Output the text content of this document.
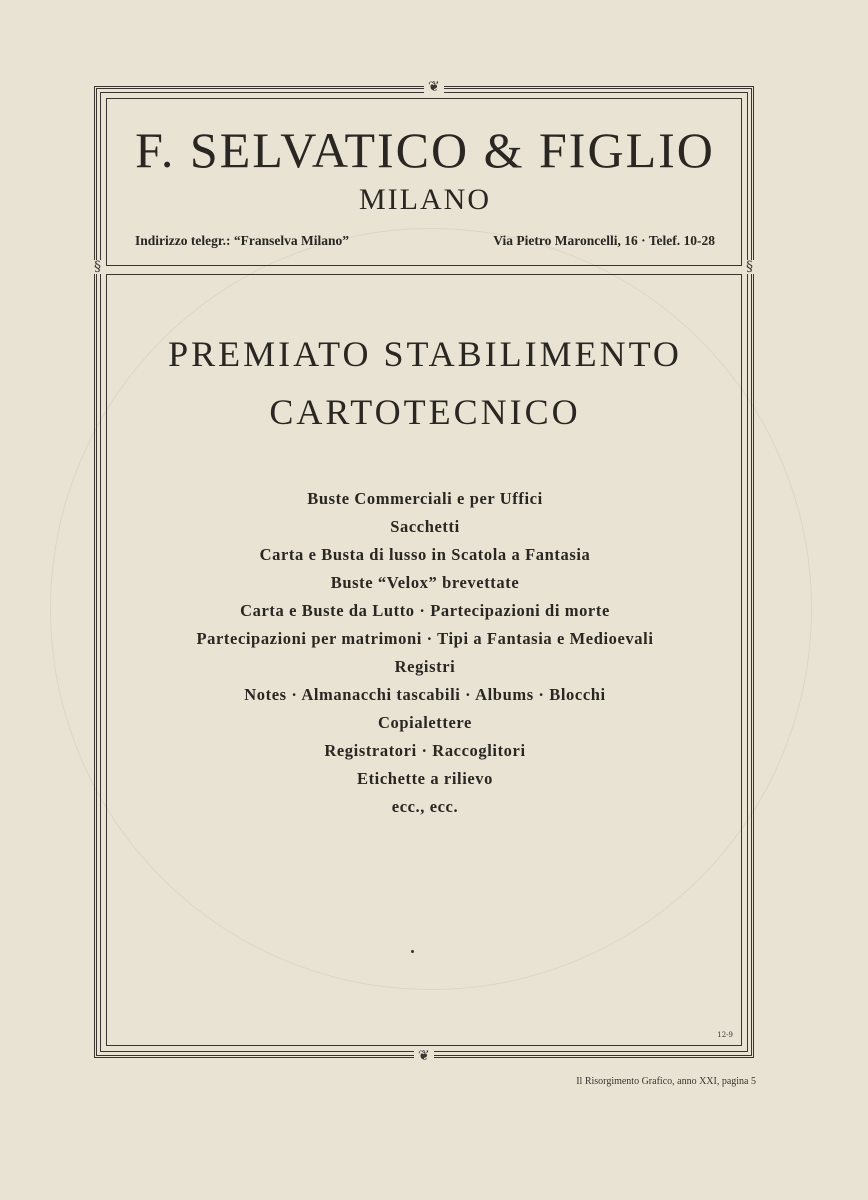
❦
❦
§	§
F. SELVATICO & FIGLIO
MILANO
Indirizzo telegr.: “Franselva Milano”	Via Pietro Maroncelli, 16 · Telef. 10-28
PREMIATO STABILIMENTO
CARTOTECNICO
Buste Commerciali e per Uffici
Sacchetti
Carta e Busta di lusso in Scatola a Fantasia
Buste “Velox” brevettate
Carta e Buste da Lutto · Partecipazioni di morte
Partecipazioni per matrimoni · Tipi a Fantasia e Medioevali
Registri
Notes · Almanacchi tascabili · Albums · Blocchi
Copialettere
Registratori · Raccoglitori
Etichette a rilievo
ecc., ecc.
12-9
Il Risorgimento Grafico, anno XXI, pagina 5
